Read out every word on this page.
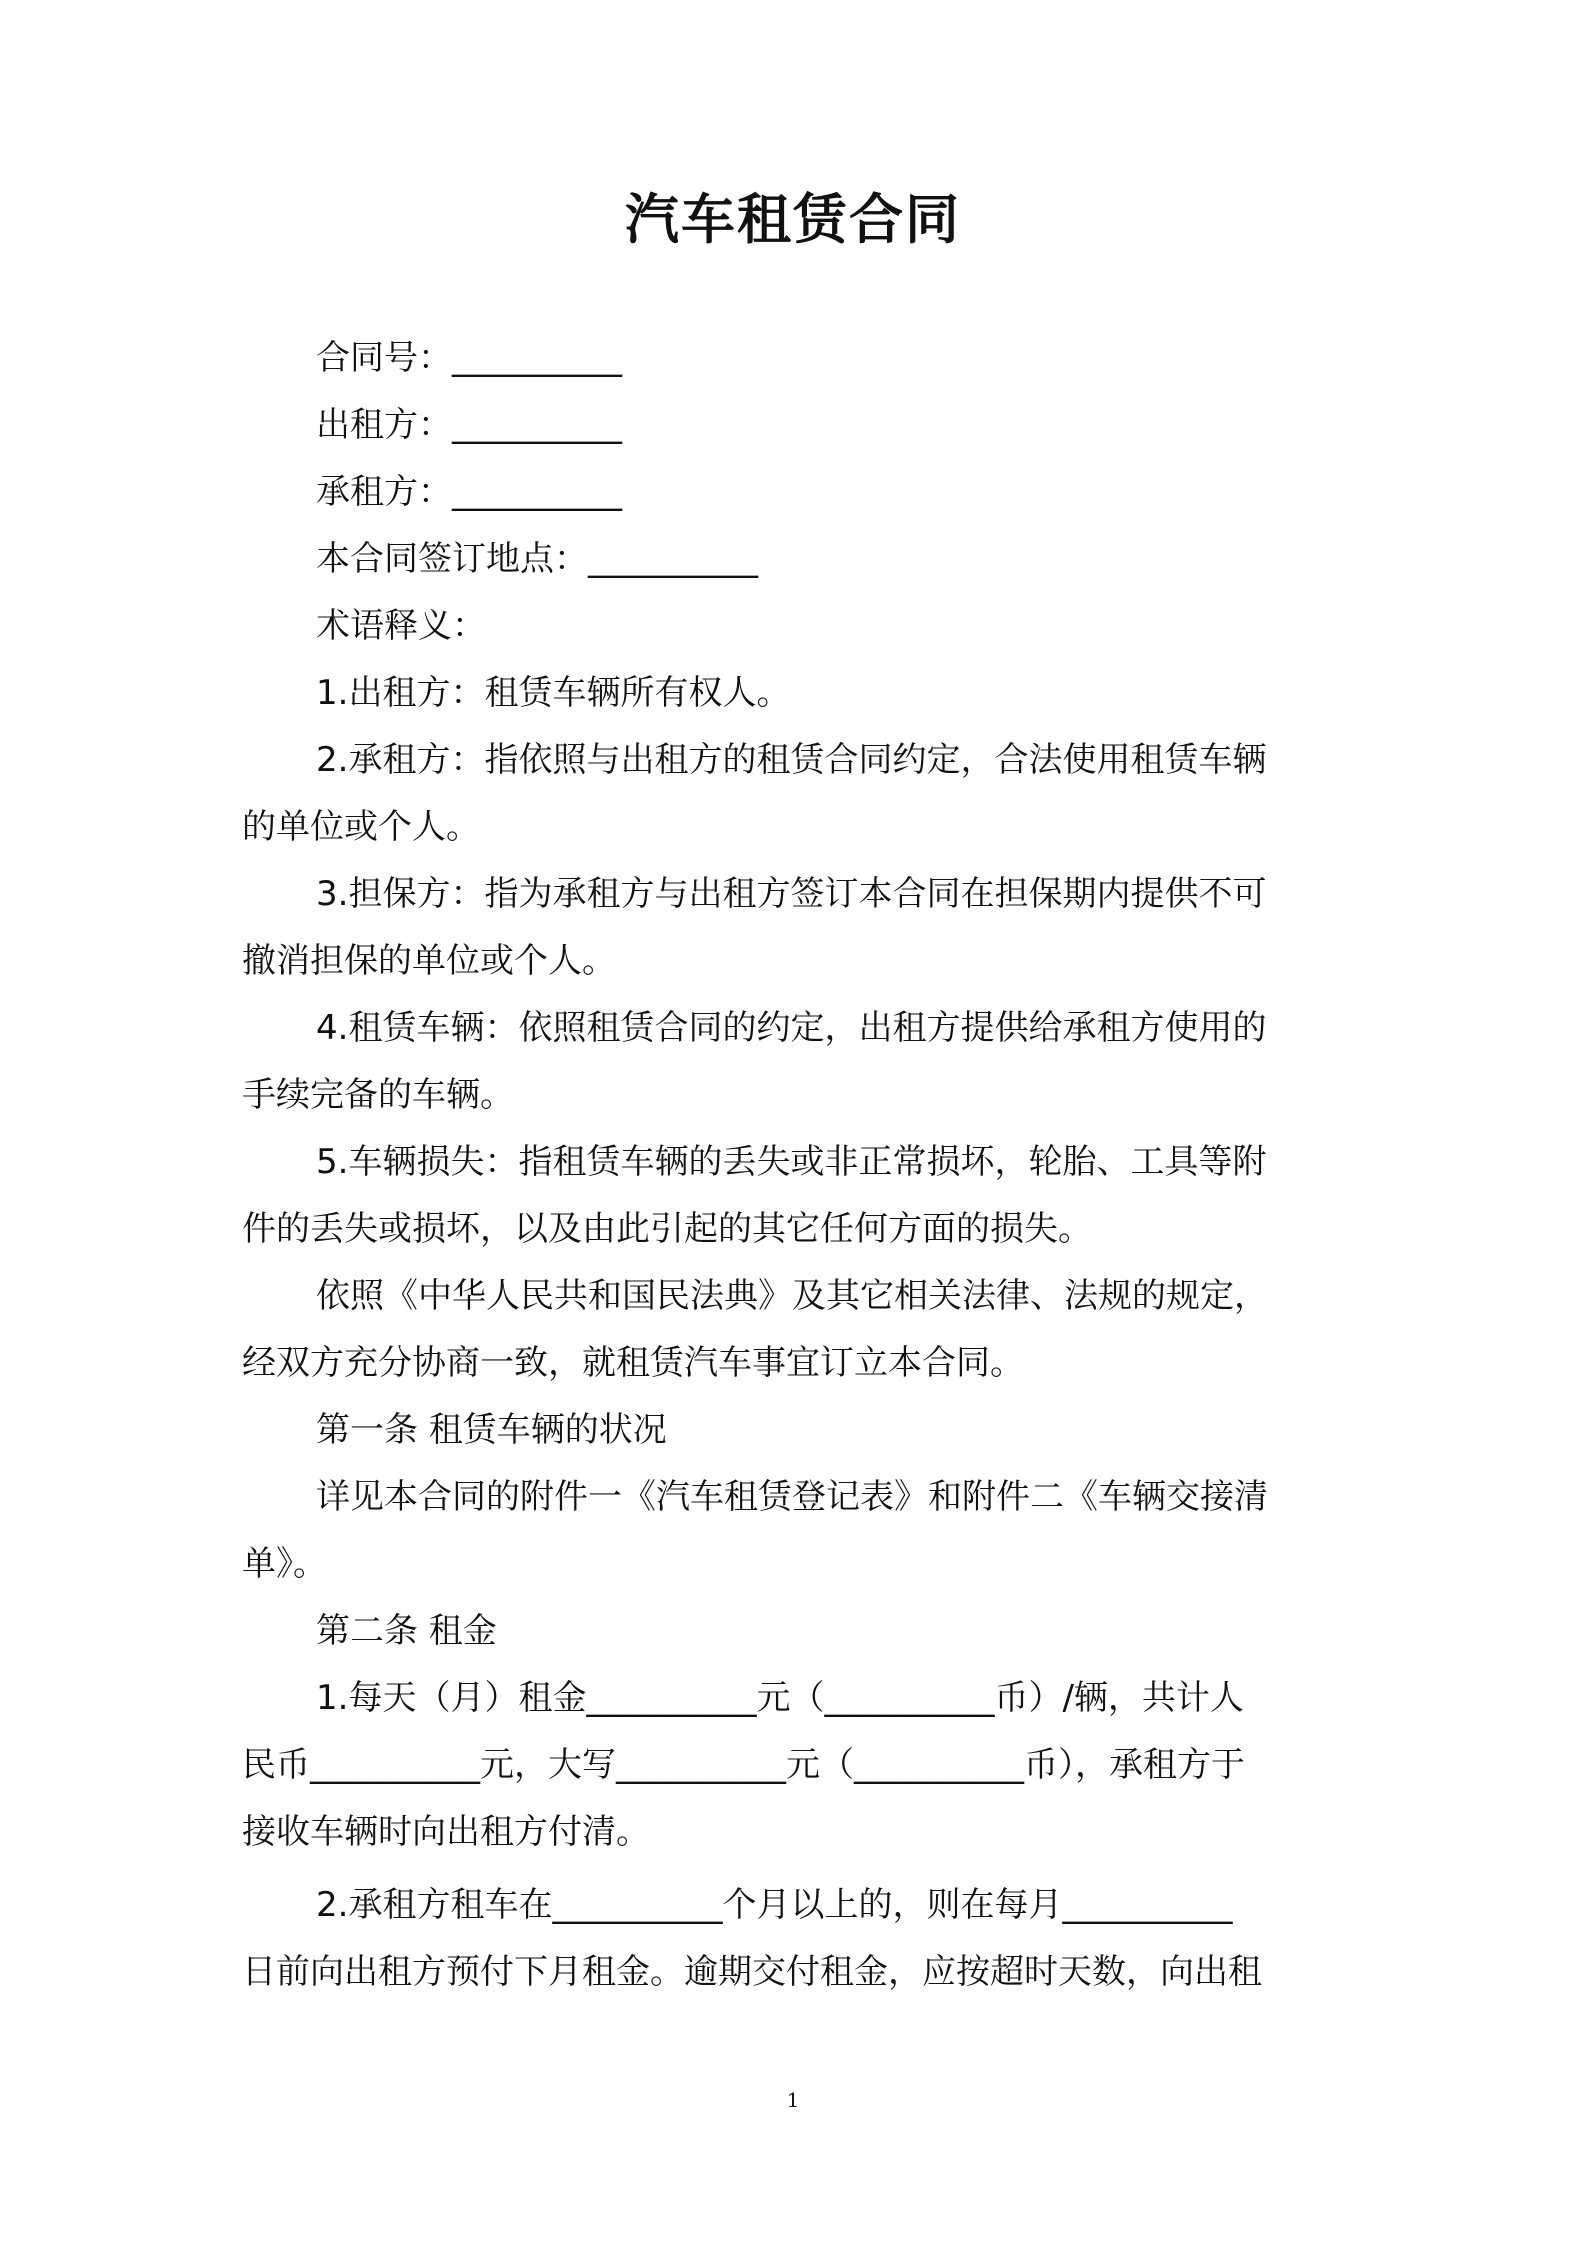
汽车租赁合同
合同号：__________
出租方：__________
承租方：__________
本合同签订地点：__________
术语释义：
1.出租方：租赁车辆所有权人。
2.承租方：指依照与出租方的租赁合同约定，合法使用租赁车辆
的单位或个人。
3.担保方：指为承租方与出租方签订本合同在担保期内提供不可
撤消担保的单位或个人。
4.租赁车辆：依照租赁合同的约定，出租方提供给承租方使用的
手续完备的车辆。
5.车辆损失：指租赁车辆的丢失或非正常损坏，轮胎、工具等附
件的丢失或损坏，以及由此引起的其它任何方面的损失。
依照《中华人民共和国民法典》及其它相关法律、法规的规定，
经双方充分协商一致，就租赁汽车事宜订立本合同。
第一条 租赁车辆的状况
详见本合同的附件一《汽车租赁登记表》和附件二《车辆交接清
单》。
第二条 租金
1.每天（月）租金__________元（__________币）/辆，共计人
民币__________元，大写__________元（__________币），承租方于
接收车辆时向出租方付清。
2.承租方租车在__________个月以上的，则在每月__________
日前向出租方预付下月租金。逾期交付租金，应按超时天数，向出租
1
